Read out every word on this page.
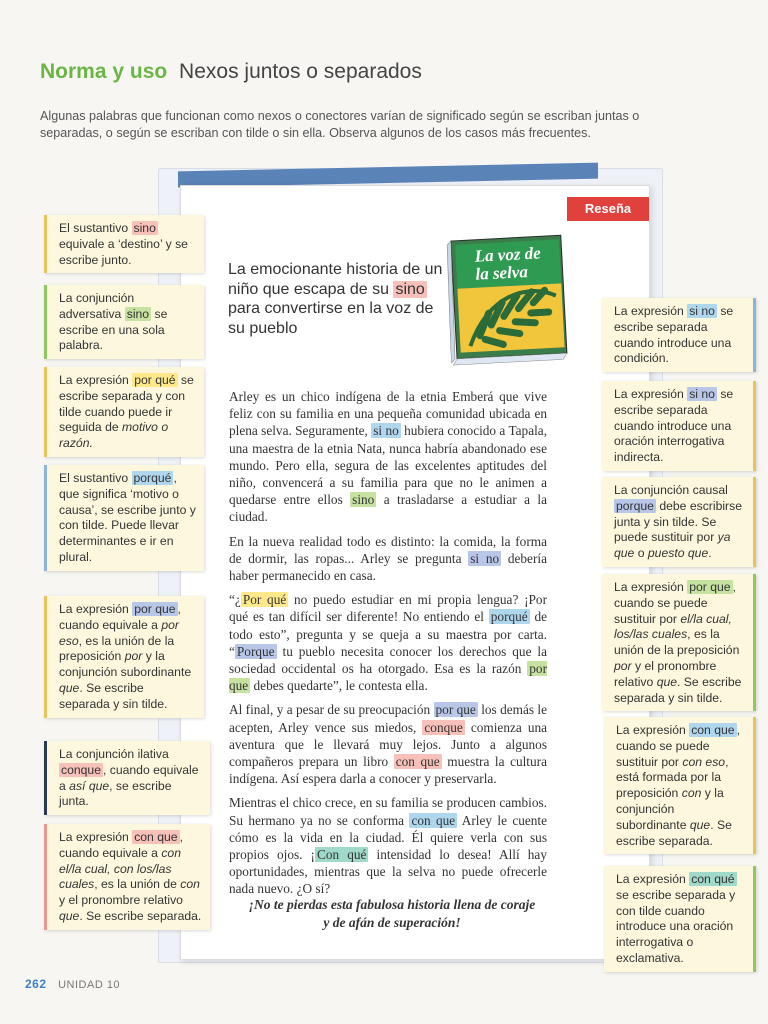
Norma y uso Nexos juntos o separados
Algunas palabras que funcionan como nexos o conectores varían de significado según se escriban juntas o separadas, o según se escriban con tilde o sin ella. Observa algunos de los casos más frecuentes.
Reseña
La emocionante historia de un niño que escapa de su sino para convertirse en la voz de su pueblo
La voz de
la selva

Arley es un chico indígena de la etnia Emberá que vive feliz con su familia en una pequeña comunidad ubicada en plena selva. Seguramente, si no hubiera conocido a Tapala, una maestra de la etnia Nata, nunca habría abandonado ese mundo. Pero ella, segura de las excelentes aptitudes del niño, convencerá a su familia para que no le animen a quedarse entre ellos sino a trasladarse a estudiar a la ciudad.

En la nueva realidad todo es distinto: la comida, la forma de dormir, las ropas... Arley se pregunta si no debería haber permanecido en casa.

“¿ Por qué no puedo estudiar en mi propia lengua? ¡Por qué es tan difícil ser diferente! No entiendo el porqué de todo esto”, pregunta y se queja a su maestra por carta. “ Porque tu pueblo necesita conocer los derechos que la sociedad occidental os ha otorgado. Esa es la razón por que debes quedarte”, le contesta ella.

Al final, y a pesar de su preocupación por que los demás le acepten, Arley vence sus miedos, conque comienza una aventura que le llevará muy lejos. Junto a algunos compañeros prepara un libro con que muestra la cultura indígena. Así espera darla a conocer y preservarla.

Mientras el chico crece, en su familia se producen cambios. Su hermano ya no se conforma con que Arley le cuente cómo es la vida en la ciudad. Él quiere verla con sus propios ojos. ¡ Con qué intensidad lo desea! Allí hay oportunidades, mientras que la selva no puede ofrecerle nada nuevo. ¿O sí?

¡No te pierdas esta fabulosa historia llena de coraje y de afán de superación!
El sustantivo sino equivale a ‘destino’ y se escribe junto.
La conjunción adversativa sino se escribe en una sola palabra.
La expresión por qué se escribe separada y con tilde cuando puede ir seguida de motivo o razón.
El sustantivo porqué , que significa ‘motivo o causa’, se escribe junto y con tilde. Puede llevar determinantes e ir en plural.
La expresión por que , cuando equivale a por eso, es la unión de la preposición por y la conjunción subordinante que. Se escribe separada y sin tilde.
La conjunción ilativa conque , cuando equivale a así que, se escribe junta.
La expresión con que , cuando equivale a con el/la cual, con los/las cuales, es la unión de con y el pronombre relativo que. Se escribe separada.
La expresión si no se escribe separada cuando introduce una condición.
La expresión si no se escribe separada cuando introduce una oración interrogativa indirecta.
La conjunción causal porque debe escribirse junta y sin tilde. Se puede sustituir por ya que o puesto que.
La expresión por que , cuando se puede sustituir por el/la cual, los/las cuales, es la unión de la preposición por y el pronombre relativo que. Se escribe separada y sin tilde.
La expresión con que , cuando se puede sustituir por con eso, está formada por la preposición con y la conjunción subordinante que. Se escribe separada.
La expresión con qué se escribe separada y con tilde cuando introduce una oración interrogativa o exclamativa.
262 UNIDAD 10
